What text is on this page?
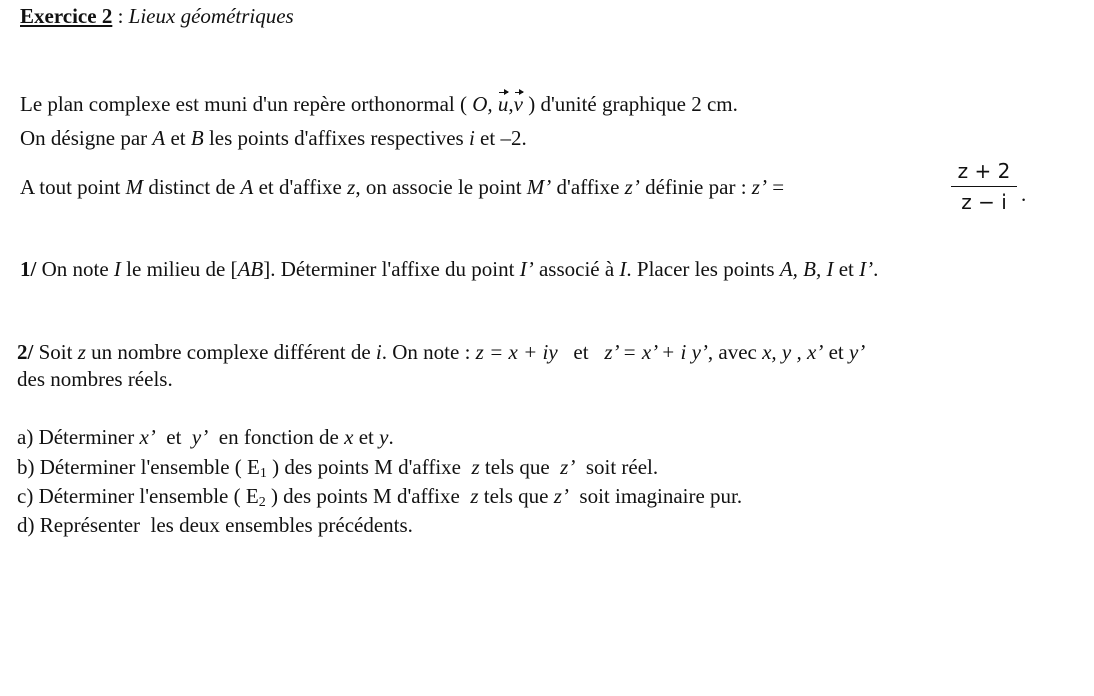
Exercice 2 : Lieux géométriques
Le plan complexe est muni d'un repère orthonormal ( O, u,v ) d'unité graphique 2 cm.
On désigne par A et B les points d'affixes respectives i et –2.
A tout point M distinct de A et d'affixe z, on associe le point M’ d'affixe z’ définie par : z’ =	$\frac{z + 2}{z - i}$ .
1/ On note I le milieu de [AB]. Déterminer l'affixe du point I’ associé à I. Placer les points A, B, I et I’.
2/ Soit z un nombre complexe différent de i. On note : z = x + iy   et   z’ = x’ + i y’, avec x, y , x’ et y’
des nombres réels.
a) Déterminer x’  et  y’  en fonction de x et y.
b) Déterminer l'ensemble ( $E_1$ ) des points M d'affixe  z tels que  z’  soit réel.
c) Déterminer l'ensemble ( $E_2$ ) des points M d'affixe  z tels que z’  soit imaginaire pur.
d) Représenter  les deux ensembles précédents.
